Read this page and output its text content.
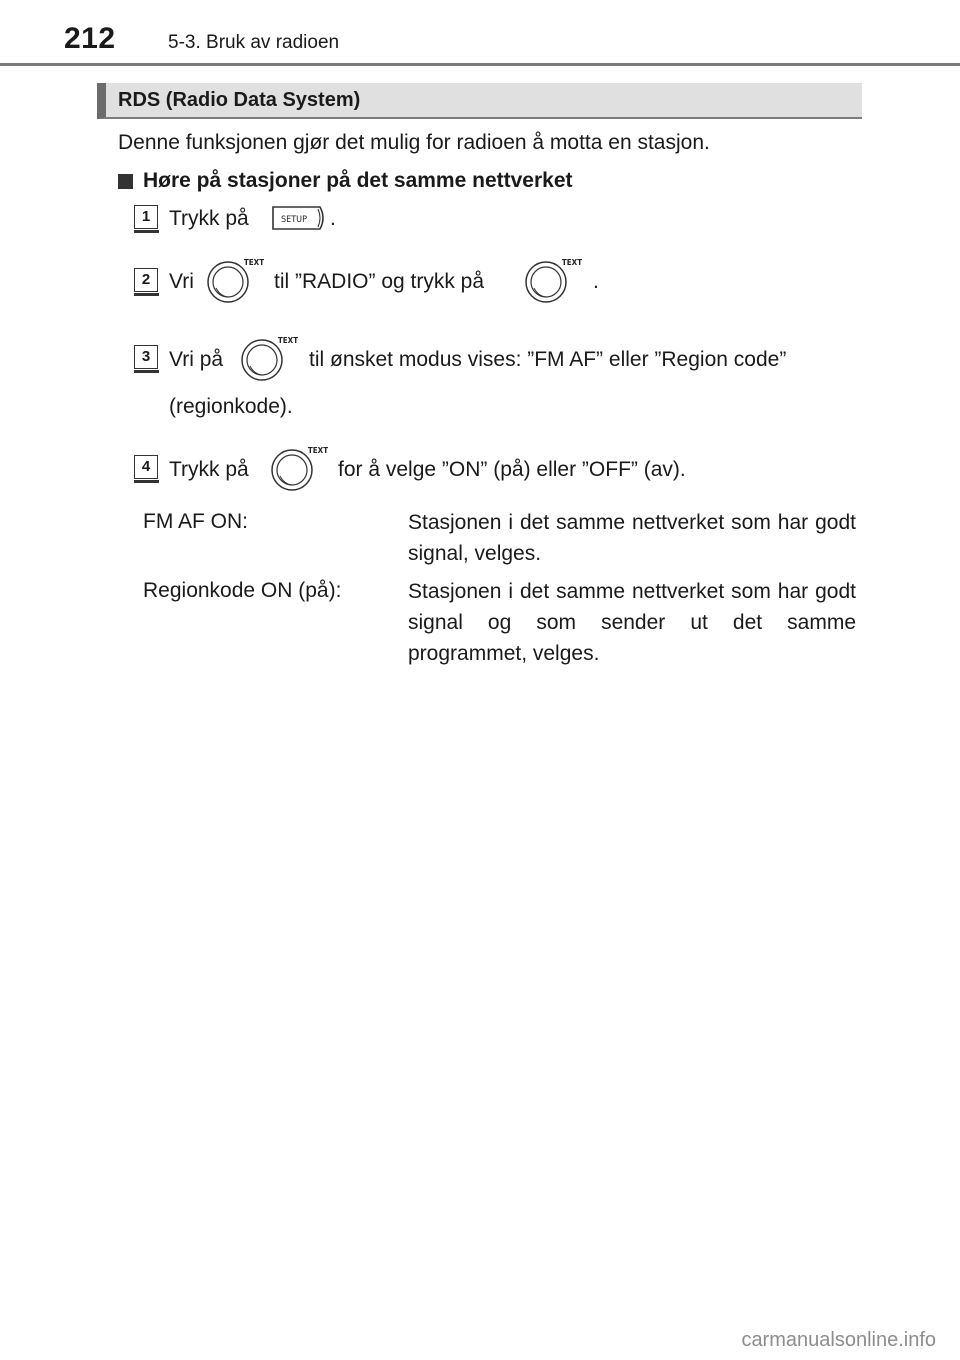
212	5-3. Bruk av radioen
RDS (Radio Data System)

Denne funksjonen gjør det mulig for radioen å motta en stasjon.

Høre på stasjoner på det samme nettverket
1 Trykk på	SETUP .
2 Vri
TEXT
til ”RADIO” og trykk på
TEXT
.
3 Vri på
TEXT
til ønsket modus vises: ”FM AF” eller ”Region code”
(regionkode).
4 Trykk på
TEXT
for å velge ”ON” (på) eller ”OFF” (av).
FM AF ON:	Stasjonen i det samme nettverket som har godt signal, velges.

Regionkode ON (på):	Stasjonen i det samme nettverket som har godt signal og som sender ut det samme programmet, velges.

carmanualsonline.info
